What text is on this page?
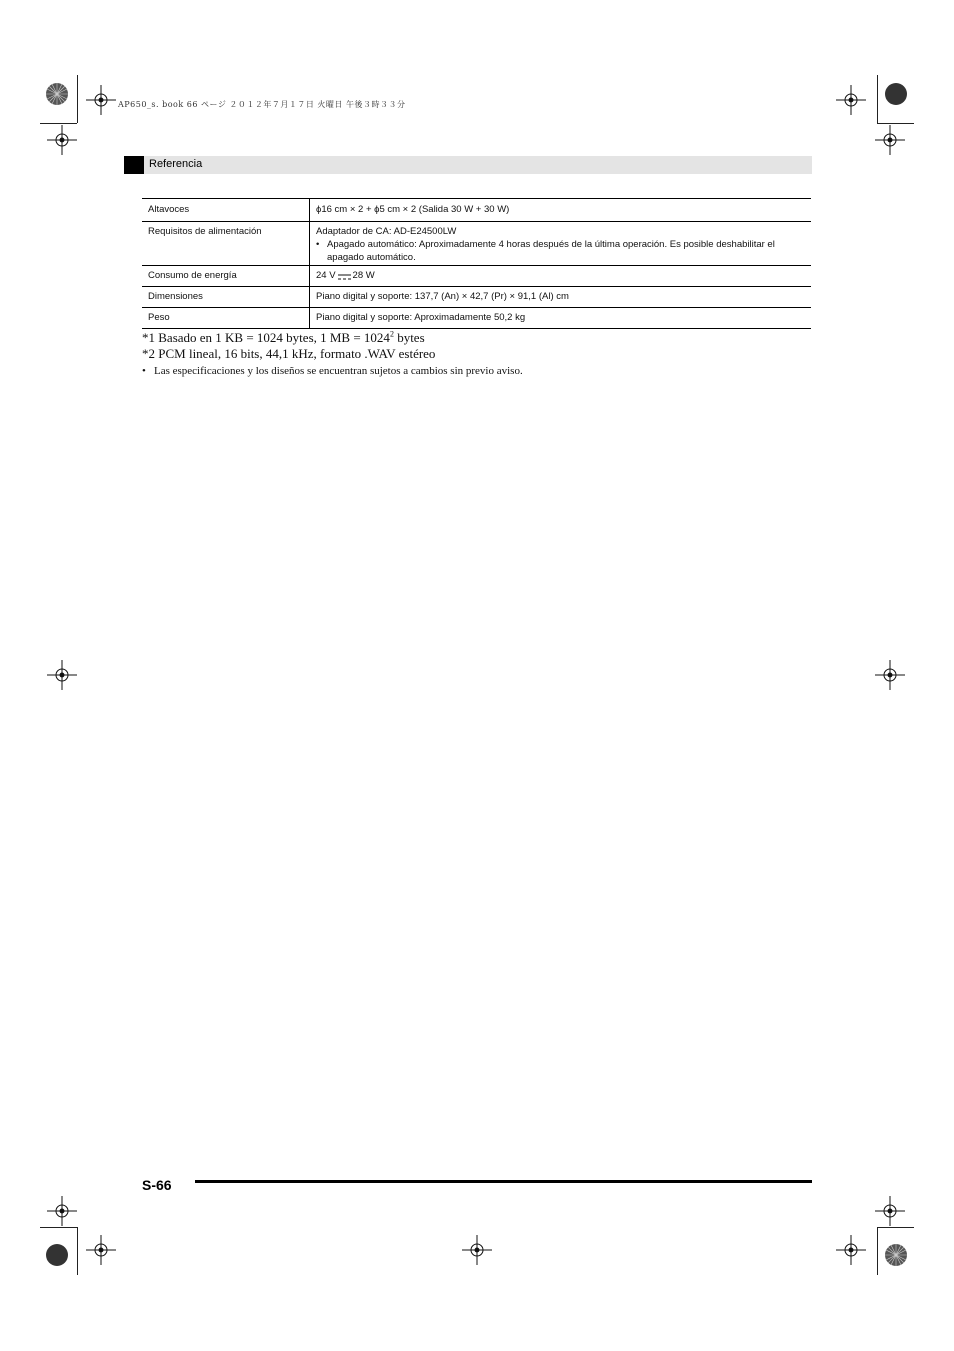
AP650_s. book 66 ページ ２０１２年７月１７日 火曜日 午後３時３３分
Referencia
Altavoces	ϕ16 cm × 2 + ϕ5 cm × 2 (Salida 30 W + 30 W)
Requisitos de alimentación	Adaptador de CA: AD-E24500LW
• Apagado automático: Aproximadamente 4 horas después de la última operación. Es posible deshabilitar el apagado automático.

Consumo de energía	24 V 28 W
Dimensiones	Piano digital y soporte: 137,7 (An) × 42,7 (Pr) × 91,1 (Al) cm
Peso	Piano digital y soporte: Aproximadamente 50,2 kg
*1 Basado en 1 KB = 1024 bytes, 1 MB = $1024^2$ bytes
*2 PCM lineal, 16 bits, 44,1 kHz, formato .WAV estéreo
• Las especificaciones y los diseños se encuentran sujetos a cambios sin previo aviso.
S-66
